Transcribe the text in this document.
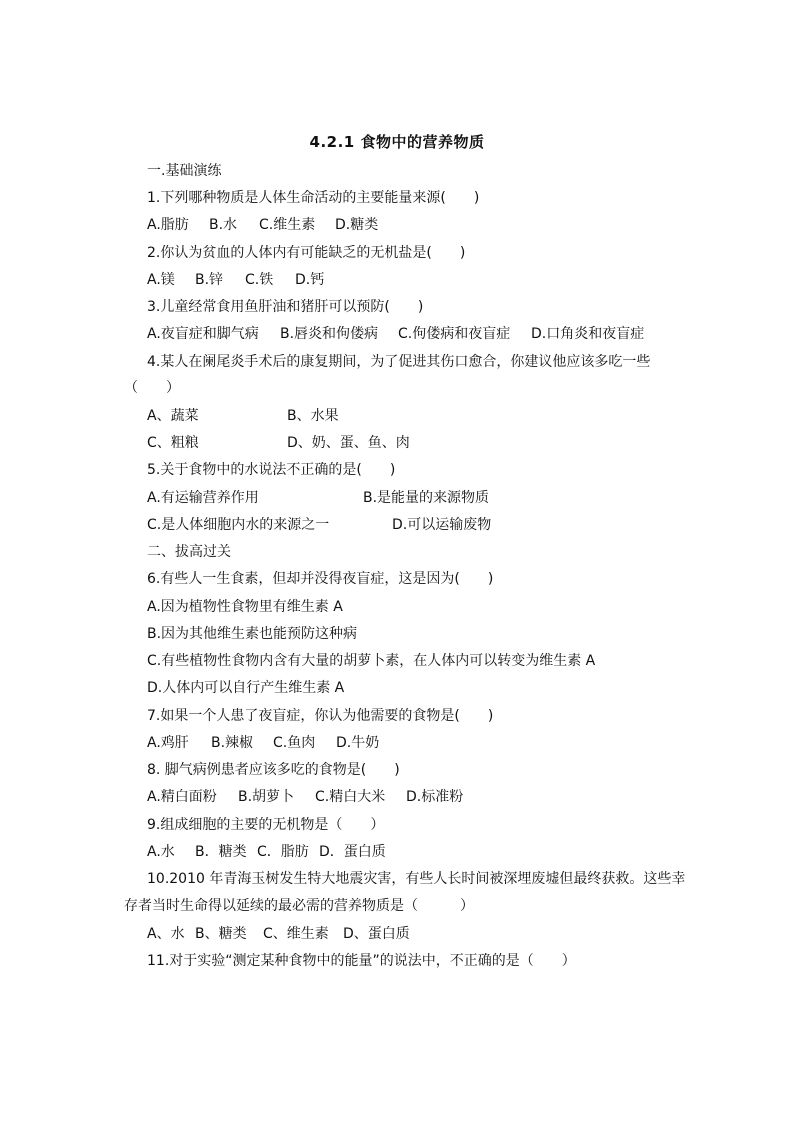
4.2.1 食物中的营养物质
一.基础演练
1.下列哪种物质是人体生命活动的主要能量来源(　　)
A.脂肪 B.水 C.维生素 D.糖类
2.你认为贫血的人体内有可能缺乏的无机盐是(　　)
A.镁 B.锌 C.铁 D.钙
3.儿童经常食用鱼肝油和猪肝可以预防(　　)
A.夜盲症和脚气病 B.唇炎和佝偻病 C.佝偻病和夜盲症 D.口角炎和夜盲症
4.某人在阑尾炎手术后的康复期间，为了促进其伤口愈合，你建议他应该多吃一些
（　　）
A、蔬菜	B、水果
C、粗粮	D、奶、蛋、鱼、肉
5.关于食物中的水说法不正确的是(　　)
A.有运输营养作用	B.是能量的来源物质
C.是人体细胞内水的来源之一	D.可以运输废物
二、拔高过关
6.有些人一生食素，但却并没得夜盲症，这是因为(　　)
A.因为植物性食物里有维生素 A
B.因为其他维生素也能预防这种病
C.有些植物性食物内含有大量的胡萝卜素，在人体内可以转变为维生素 A
D.人体内可以自行产生维生素 A
7.如果一个人患了夜盲症，你认为他需要的食物是(　　)
A.鸡肝 B.辣椒 C.鱼肉 D.牛奶
8. 脚气病例患者应该多吃的食物是(　　)
A.精白面粉 B.胡萝卜 C.精白大米 D.标准粉
9.组成细胞的主要的无机物是（　　）
A.水 B．糖类 C．脂肪 D．蛋白质
10.2010 年青海玉树发生特大地震灾害，有些人长时间被深埋废墟但最终获救。这些幸
存者当时生命得以延续的最必需的营养物质是（　　　）
A、水 B、糖类 C、维生素 D、蛋白质
11.对于实验“测定某种食物中的能量”的说法中，不正确的是（　　）
